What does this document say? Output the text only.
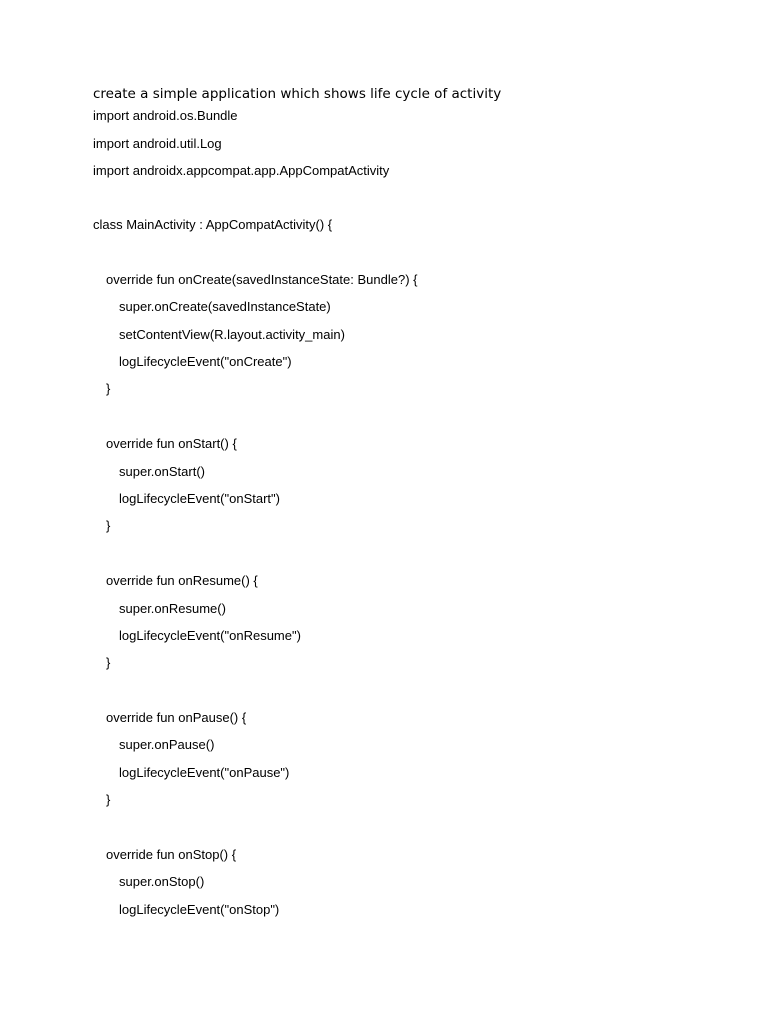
create a simple application which shows life cycle of activity
import android.os.Bundle
import android.util.Log
import androidx.appcompat.app.AppCompatActivity
class MainActivity : AppCompatActivity() {
override fun onCreate(savedInstanceState: Bundle?) {
super.onCreate(savedInstanceState)
setContentView(R.layout.activity_main)
logLifecycleEvent("onCreate")
}
override fun onStart() {
super.onStart()
logLifecycleEvent("onStart")
}
override fun onResume() {
super.onResume()
logLifecycleEvent("onResume")
}
override fun onPause() {
super.onPause()
logLifecycleEvent("onPause")
}
override fun onStop() {
super.onStop()
logLifecycleEvent("onStop")
